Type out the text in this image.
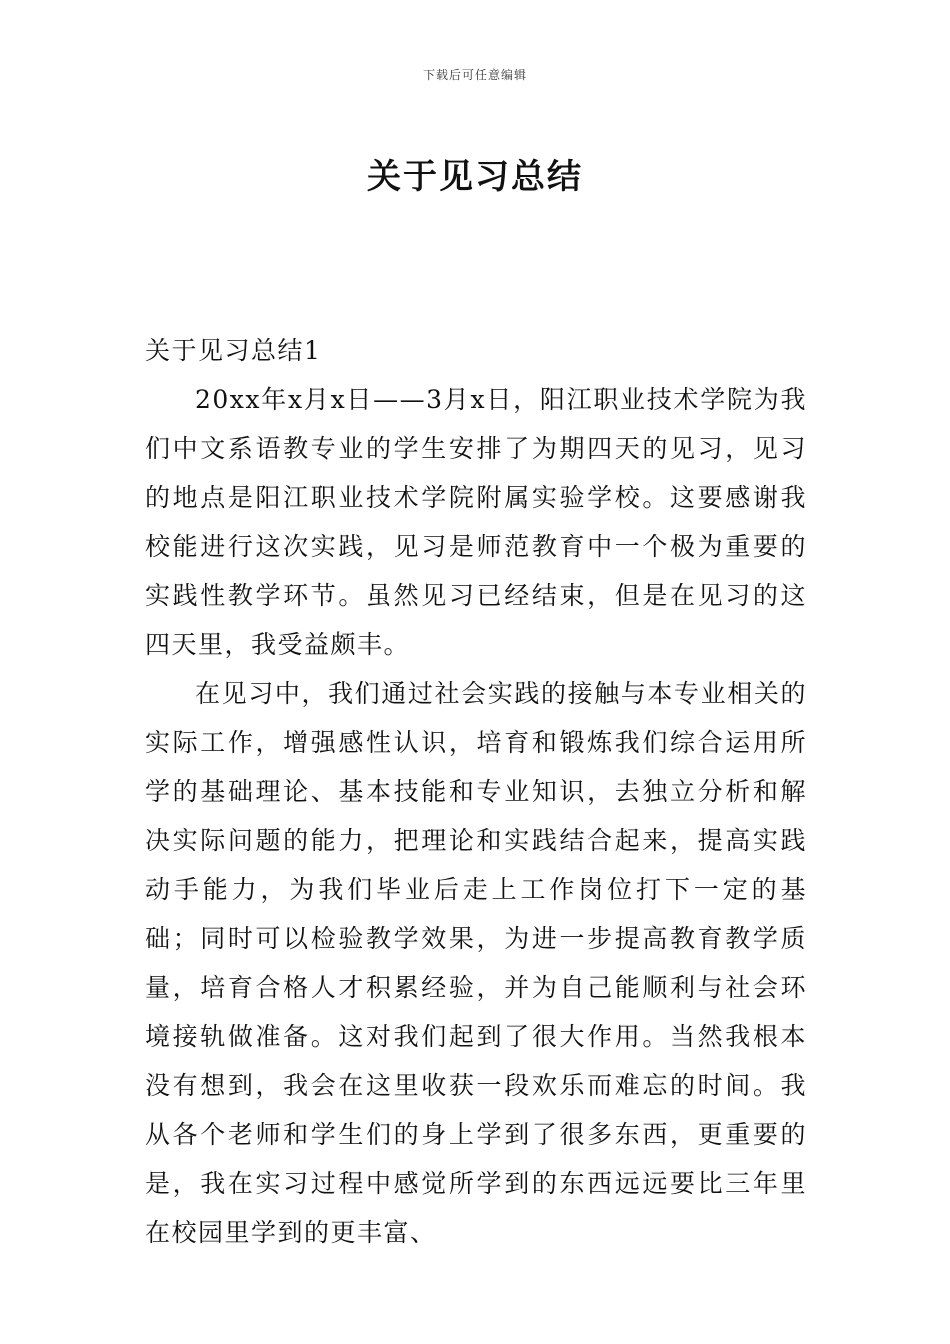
下载后可任意编辑
关于见习总结
关于见习总结1

20xx年x月x日——3月x日，阳江职业技术学院为我们中文系语教专业的学生安排了为期四天的见习，见习的地点是阳江职业技术学院附属实验学校。这要感谢我校能进行这次实践，见习是师范教育中一个极为重要的实践性教学环节。虽然见习已经结束，但是在见习的这四天里，我受益颇丰。

在见习中，我们通过社会实践的接触与本专业相关的实际工作，增强感性认识，培育和锻炼我们综合运用所学的基础理论、基本技能和专业知识，去独立分析和解决实际问题的能力，把理论和实践结合起来，提高实践动手能力，为我们毕业后走上工作岗位打下一定的基础；同时可以检验教学效果，为进一步提高教育教学质量，培育合格人才积累经验，并为自己能顺利与社会环境接轨做准备。这对我们起到了很大作用。当然我根本没有想到，我会在这里收获一段欢乐而难忘的时间。我从各个老师和学生们的身上学到了很多东西，更重要的是，我在实习过程中感觉所学到的东西远远要比三年里在校园里学到的更丰富、
